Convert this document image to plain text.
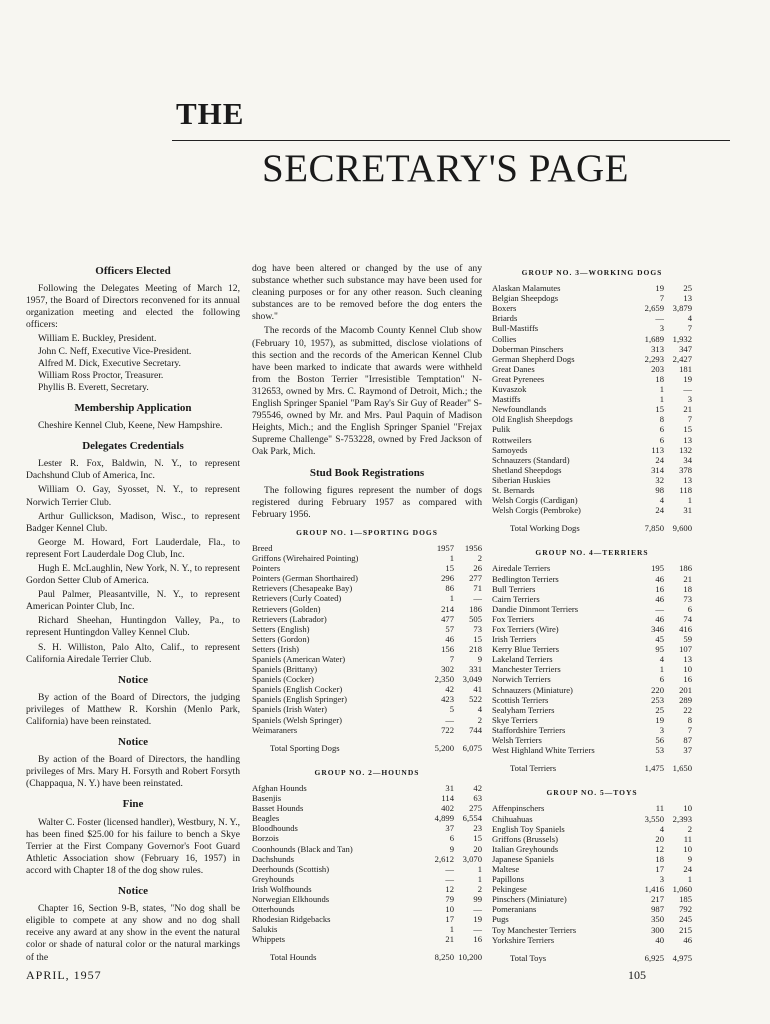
THE
SECRETARY'S PAGE
Officers Elected
Following the Delegates Meeting of March 12, 1957, the Board of Directors reconvened for its annual organization meeting and elected the following officers:
William E. Buckley, President.
John C. Neff, Executive Vice-President.
Alfred M. Dick, Executive Secretary.
William Ross Proctor, Treasurer.
Phyllis B. Everett, Secretary.
Membership Application
Cheshire Kennel Club, Keene, New Hampshire.
Delegates Credentials
Lester R. Fox, Baldwin, N. Y., to represent Dachshund Club of America, Inc.
William O. Gay, Syosset, N. Y., to represent Norwich Terrier Club.
Arthur Gullickson, Madison, Wisc., to represent Badger Kennel Club.
George M. Howard, Fort Lauderdale, Fla., to represent Fort Lauderdale Dog Club, Inc.
Hugh E. McLaughlin, New York, N. Y., to represent Gordon Setter Club of America.
Paul Palmer, Pleasantville, N. Y., to represent American Pointer Club, Inc.
Richard Sheehan, Huntingdon Valley, Pa., to represent Huntingdon Valley Kennel Club.
S. H. Williston, Palo Alto, Calif., to represent California Airedale Terrier Club.
Notice
By action of the Board of Directors, the judging privileges of Matthew R. Korshin (Menlo Park, California) have been reinstated.
Notice
By action of the Board of Directors, the handling privileges of Mrs. Mary H. Forsyth and Robert Forsyth (Chappaqua, N. Y.) have been reinstated.
Fine
Walter C. Foster (licensed handler), Westbury, N. Y., has been fined $25.00 for his failure to bench a Skye Terrier at the First Company Governor's Foot Guard Athletic Association show (February 16, 1957) in accord with Chapter 18 of the dog show rules.
Notice
Chapter 16, Section 9-B, states, "No dog shall be eligible to compete at any show and no dog shall receive any award at any show in the event the natural color or shade of natural color or the natural markings of the
dog have been altered or changed by the use of any substance whether such substance may have been used for cleaning purposes or for any other reason. Such cleaning substances are to be removed before the dog enters the show."
The records of the Macomb County Kennel Club show (February 10, 1957), as submitted, disclose violations of this section and the records of the American Kennel Club have been marked to indicate that awards were withheld from the Boston Terrier "Irresistible Temptation" N-312653, owned by Mrs. C. Raymond of Detroit, Mich.; the English Springer Spaniel "Pam Ray's Sir Guy of Reader" S-795546, owned by Mr. and Mrs. Paul Paquin of Madison Heights, Mich.; and the English Springer Spaniel "Frejax Supreme Challenge" S-753228, owned by Fred Jackson of Oak Park, Mich.
Stud Book Registrations
The following figures represent the number of dogs registered during February 1957 as compared with February 1956.
GROUP NO. 1—SPORTING DOGS
Breed	1957	1956
Griffons (Wirehaired Pointing)	1	2
Pointers	15	26
Pointers (German Shorthaired)	296	277
Retrievers (Chesapeake Bay)	86	71
Retrievers (Curly Coated)	1	—
Retrievers (Golden)	214	186
Retrievers (Labrador)	477	505
Setters (English)	57	73
Setters (Gordon)	46	15
Setters (Irish)	156	218
Spaniels (American Water)	7	9
Spaniels (Brittany)	302	331
Spaniels (Cocker)	2,350	3,049
Spaniels (English Cocker)	42	41
Spaniels (English Springer)	423	522
Spaniels (Irish Water)	5	4
Spaniels (Welsh Springer)	—	2
Weimaraners	722	744
Total Sporting Dogs	5,200	6,075
GROUP NO. 2—HOUNDS
Afghan Hounds	31	42
Basenjis	114	63
Basset Hounds	402	275
Beagles	4,899	6,554
Bloodhounds	37	23
Borzois	6	15
Coonhounds (Black and Tan)	9	20
Dachshunds	2,612	3,070
Deerhounds (Scottish)	—	1
Greyhounds	—	1
Irish Wolfhounds	12	2
Norwegian Elkhounds	79	99
Otterhounds	10	—
Rhodesian Ridgebacks	17	19
Salukis	1	—
Whippets	21	16
Total Hounds	8,250 10,200
GROUP NO. 3—WORKING DOGS
Alaskan Malamutes	19	25
Belgian Sheepdogs	7	13
Boxers	2,659	3,879
Briards	—	4
Bull-Mastiffs	3	7
Collies	1,689	1,932
Doberman Pinschers	313	347
German Shepherd Dogs	2,293	2,427
Great Danes	203	181
Great Pyrenees	18	19
Kuvaszok	1	—
Mastiffs	1	3
Newfoundlands	15	21
Old English Sheepdogs	8	7
Pulik	6	15
Rottweilers	6	13
Samoyeds	113	132
Schnauzers (Standard)	24	34
Shetland Sheepdogs	314	378
Siberian Huskies	32	13
St. Bernards	98	118
Welsh Corgis (Cardigan)	4	1
Welsh Corgis (Pembroke)	24	31
Total Working Dogs	7,850	9,600
GROUP NO. 4—TERRIERS
Airedale Terriers	195	186
Bedlington Terriers	46	21
Bull Terriers	16	18
Cairn Terriers	46	73
Dandie Dinmont Terriers	—	6
Fox Terriers	46	74
Fox Terriers (Wire)	346	416
Irish Terriers	45	59
Kerry Blue Terriers	95	107
Lakeland Terriers	4	13
Manchester Terriers	1	10
Norwich Terriers	6	16
Schnauzers (Miniature)	220	201
Scottish Terriers	253	289
Sealyham Terriers	25	22
Skye Terriers	19	8
Staffordshire Terriers	3	7
Welsh Terriers	56	87
West Highland White Terriers	53	37
Total Terriers	1,475	1,650
GROUP NO. 5—TOYS
Affenpinschers	11	10
Chihuahuas	3,550	2,393
English Toy Spaniels	4	2
Griffons (Brussels)	20	11
Italian Greyhounds	12	10
Japanese Spaniels	18	9
Maltese	17	24
Papillons	3	1
Pekingese	1,416	1,060
Pinschers (Miniature)	217	185
Pomeranians	987	792
Pugs	350	245
Toy Manchester Terriers	300	215
Yorkshire Terriers	40	46
Total Toys	6,925	4,975
APRIL, 1957	105
